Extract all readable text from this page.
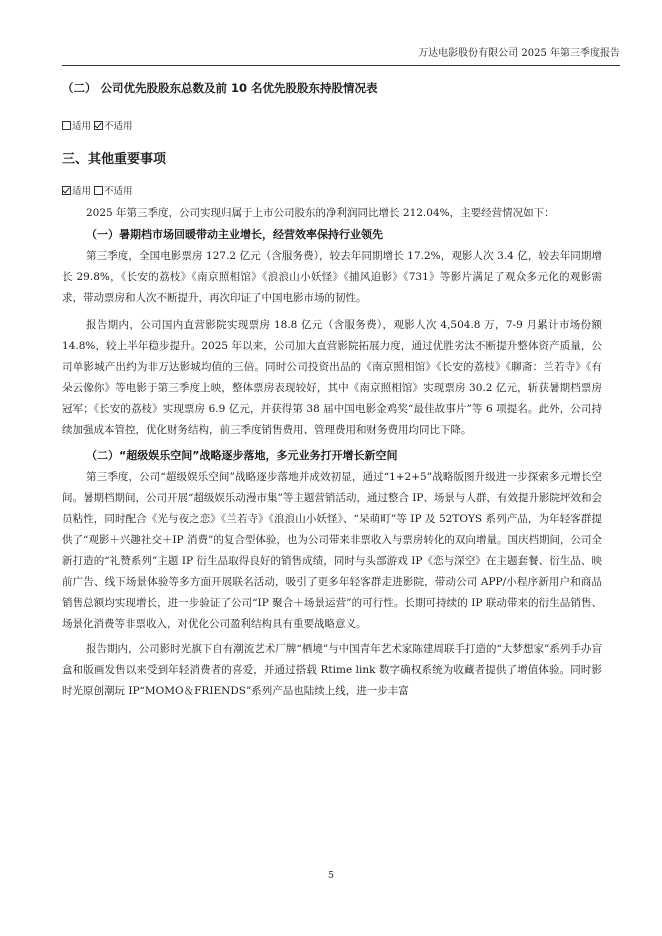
万达电影股份有限公司 2025 年第三季度报告

（二） 公司优先股股东总数及前 10 名优先股股东持股情况表

适用 不适用

三、其他重要事项

适用 不适用

2025 年第三季度，公司实现归属于上市公司股东的净利润同比增长 212.04%，主要经营情况如下：

（一）暑期档市场回暖带动主业增长，经营效率保持行业领先

第三季度，全国电影票房 127.2 亿元（含服务费），较去年同期增长 17.2%，观影人次 3.4 亿，较去年同期增长 29.8%，《长安的荔枝》《南京照相馆》《浪浪山小妖怪》《捕风追影》《731》等影片满足了观众多元化的观影需求，带动票房和人次不断提升，再次印证了中国电影市场的韧性。

报告期内，公司国内直营影院实现票房 18.8 亿元（含服务费），观影人次 4,504.8 万，7-9 月累计市场份额 14.8%，较上半年稳步提升。2025 年以来，公司加大直营影院拓展力度，通过优胜劣汰不断提升整体资产质量，公司单影城产出约为非万达影城均值的三倍。同时公司投资出品的《南京照相馆》《长安的荔枝》《聊斋：兰若寺》《有朵云像你》等电影于第三季度上映，整体票房表现较好，其中《南京照相馆》实现票房 30.2 亿元，斩获暑期档票房冠军；《长安的荔枝》实现票房 6.9 亿元，并获得第 38 届中国电影金鸡奖“最佳故事片”等 6 项提名。此外，公司持续加强成本管控，优化财务结构，前三季度销售费用、管理费用和财务费用均同比下降。

（二）“超级娱乐空间”战略逐步落地，多元业务打开增长新空间

第三季度，公司“超级娱乐空间”战略逐步落地并成效初显，通过“1+2+5”战略版图升级进一步探索多元增长空间。暑期档期间，公司开展“超级娱乐动漫市集”等主题营销活动，通过整合 IP、场景与人群，有效提升影院坪效和会员粘性，同时配合《光与夜之恋》《兰若寺》《浪浪山小妖怪》、“呆萌町”等 IP 及 52TOYS 系列产品，为年轻客群提供了“观影＋兴趣社交＋IP 消费”的复合型体验，也为公司带来非票收入与票房转化的双向增量。国庆档期间，公司全新打造的“礼赞系列”主题 IP 衍生品取得良好的销售成绩，同时与头部游戏 IP《恋与深空》在主题套餐、衍生品、映前广告、线下场景体验等多方面开展联名活动，吸引了更多年轻客群走进影院，带动公司 APP/小程序新用户和商品销售总额均实现增长，进一步验证了公司“IP 聚合＋场景运营”的可行性。长期可持续的 IP 联动带来的衍生品销售、场景化消费等非票收入，对优化公司盈利结构具有重要战略意义。

报告期内，公司影时光旗下自有潮流艺术厂牌“栖境”与中国青年艺术家陈建周联手打造的“大梦想家”系列手办盲盒和版画发售以来受到年轻消费者的喜爱，并通过搭载 Rtime link 数字确权系统为收藏者提供了增值体验。同时影时光原创潮玩 IP“MOMO＆FRIENDS”系列产品也陆续上线，进一步丰富

5
